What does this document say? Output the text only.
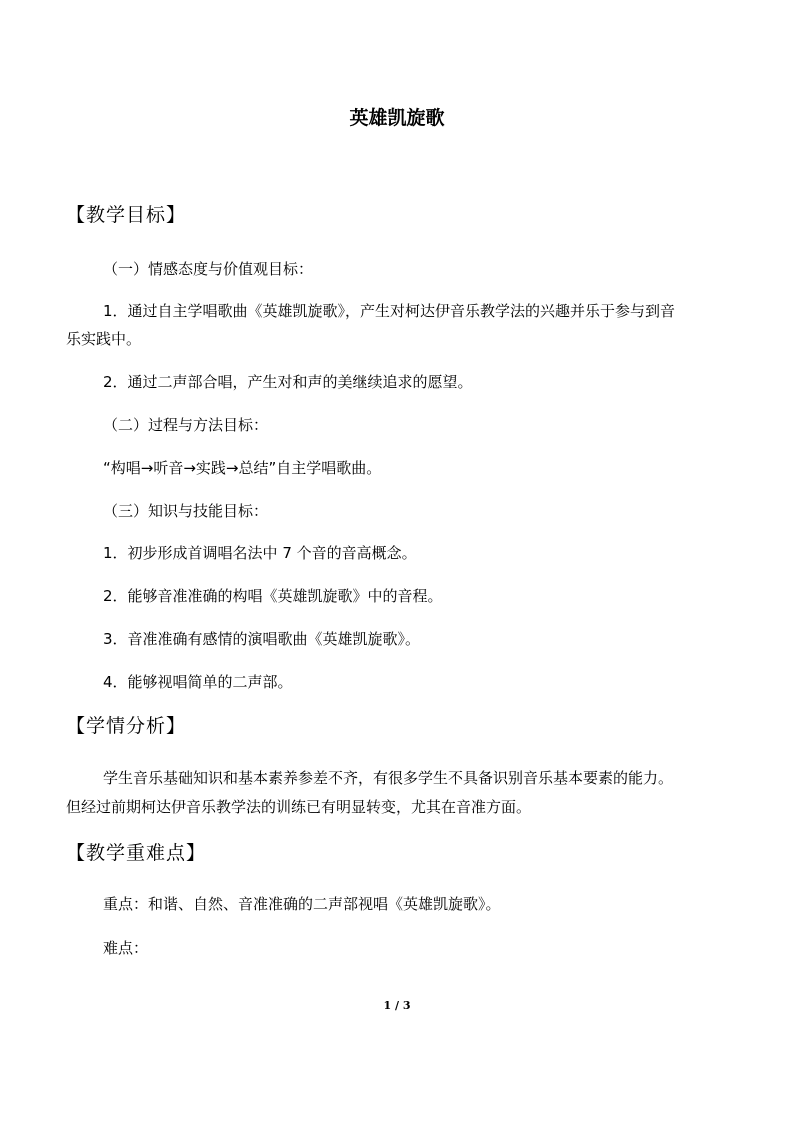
英雄凯旋歌
【教学目标】
（一）情感态度与价值观目标：
1．通过自主学唱歌曲《英雄凯旋歌》，产生对柯达伊音乐教学法的兴趣并乐于参与到音
乐实践中。
2．通过二声部合唱，产生对和声的美继续追求的愿望。
（二）过程与方法目标：
“构唱→听音→实践→总结”自主学唱歌曲。
（三）知识与技能目标：
1．初步形成首调唱名法中 7 个音的音高概念。
2．能够音准准确的构唱《英雄凯旋歌》中的音程。
3．音准准确有感情的演唱歌曲《英雄凯旋歌》。
4．能够视唱简单的二声部。
【学情分析】
学生音乐基础知识和基本素养参差不齐，有很多学生不具备识别音乐基本要素的能力。
但经过前期柯达伊音乐教学法的训练已有明显转变，尤其在音准方面。
【教学重难点】
重点：和谐、自然、音准准确的二声部视唱《英雄凯旋歌》。
难点：
1 / 3
